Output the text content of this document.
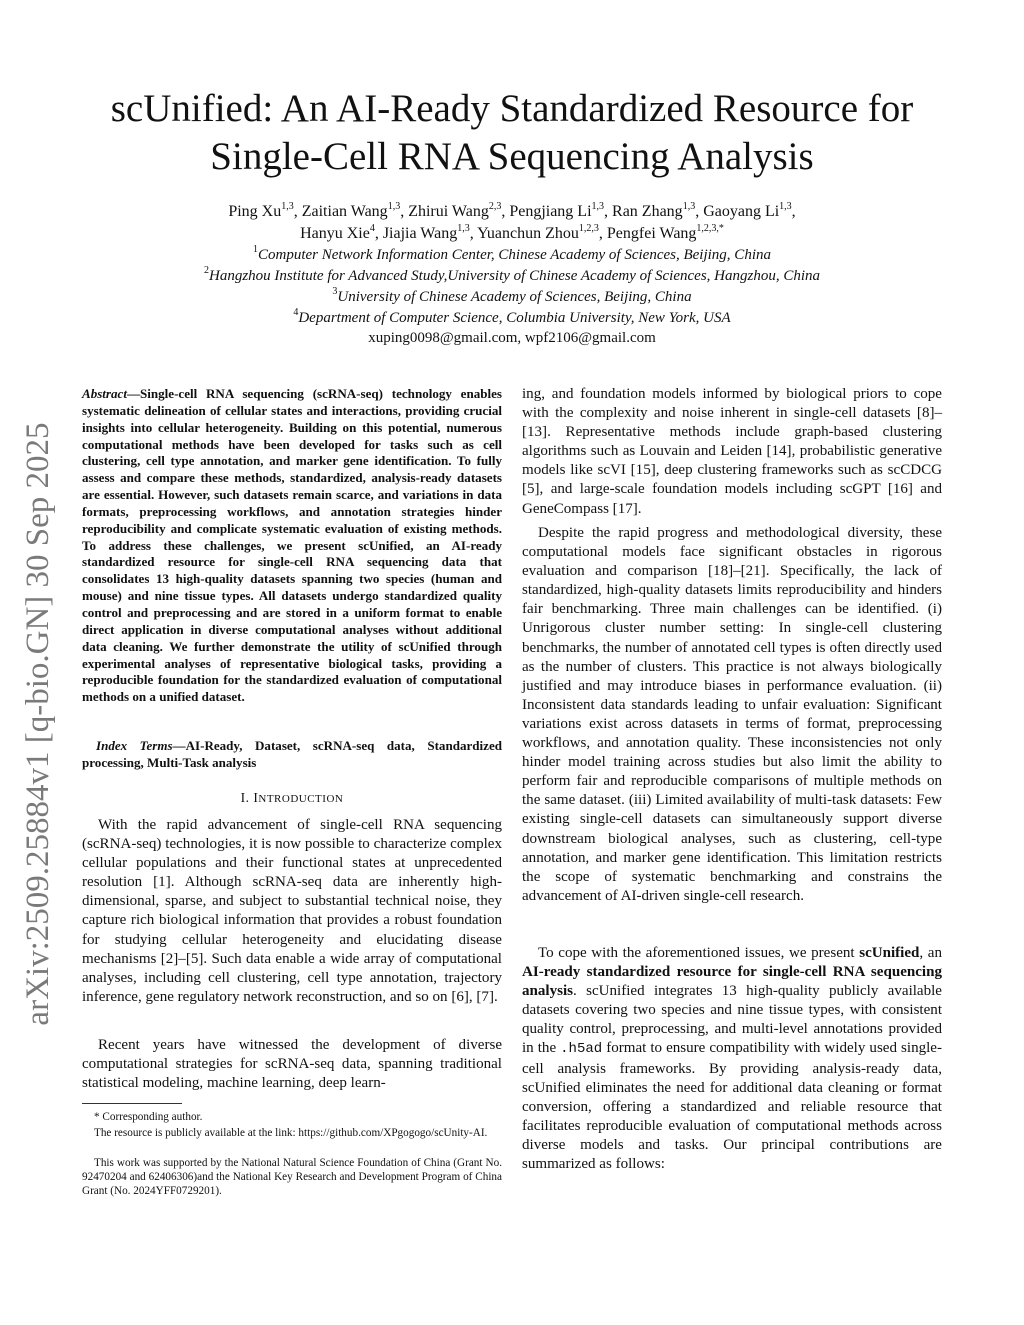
arXiv:2509.25884v1 [q-bio.GN] 30 Sep 2025
scUnified: An AI-Ready Standardized Resource for
Single-Cell RNA Sequencing Analysis
Ping Xu$^{1,3}$, Zaitian Wang$^{1,3}$, Zhirui Wang$^{2,3}$, Pengjiang Li$^{1,3}$, Ran Zhang$^{1,3}$, Gaoyang Li$^{1,3}$,
Hanyu Xie$^4$, Jiajia Wang$^{1,3}$, Yuanchun Zhou$^{1,2,3}$, Pengfei Wang$^{1,2,3,*}$
$^1$Computer Network Information Center, Chinese Academy of Sciences, Beijing, China
$^2$Hangzhou Institute for Advanced Study,University of Chinese Academy of Sciences, Hangzhou, China
$^3$University of Chinese Academy of Sciences, Beijing, China
$^4$Department of Computer Science, Columbia University, New York, USA
xuping0098@gmail.com, wpf2106@gmail.com
Abstract—Single-cell RNA sequencing (scRNA-seq) technology enables systematic delineation of cellular states and interactions, providing crucial insights into cellular heterogeneity. Building on this potential, numerous computational methods have been developed for tasks such as cell clustering, cell type annotation, and marker gene identification. To fully assess and compare these methods, standardized, analysis-ready datasets are essential. However, such datasets remain scarce, and variations in data formats, preprocessing workflows, and annotation strategies hinder reproducibility and complicate systematic evaluation of existing methods. To address these challenges, we present scUnified, an AI-ready standardized resource for single-cell RNA sequencing data that consolidates 13 high-quality datasets spanning two species (human and mouse) and nine tissue types. All datasets undergo standardized quality control and preprocessing and are stored in a uniform format to enable direct application in diverse computational analyses without additional data cleaning. We further demonstrate the utility of scUnified through experimental analyses of representative biological tasks, providing a reproducible foundation for the standardized evaluation of computational methods on a unified dataset.
Index Terms—AI-Ready, Dataset, scRNA-seq data, Standardized processing, Multi-Task analysis
I. INTRODUCTION
With the rapid advancement of single-cell RNA sequencing (scRNA-seq) technologies, it is now possible to characterize complex cellular populations and their functional states at unprecedented resolution [1]. Although scRNA-seq data are inherently high-dimensional, sparse, and subject to substantial technical noise, they capture rich biological information that provides a robust foundation for studying cellular heterogeneity and elucidating disease mechanisms [2]–[5]. Such data enable a wide array of computational analyses, including cell clustering, cell type annotation, trajectory inference, gene regulatory network reconstruction, and so on [6], [7].
Recent years have witnessed the development of diverse computational strategies for scRNA-seq data, spanning traditional statistical modeling, machine learning, deep learn-
* Corresponding author.
The resource is publicly available at the link: https://github.com/XPgogogo/scUnity-AI.
This work was supported by the National Natural Science Foundation of China (Grant No. 92470204 and 62406306)and the National Key Research and Development Program of China Grant (No. 2024YFF0729201).
ing, and foundation models informed by biological priors to cope with the complexity and noise inherent in single-cell datasets [8]–[13]. Representative methods include graph-based clustering algorithms such as Louvain and Leiden [14], probabilistic generative models like scVI [15], deep clustering frameworks such as scCDCG [5], and large-scale foundation models including scGPT [16] and GeneCompass [17].
Despite the rapid progress and methodological diversity, these computational models face significant obstacles in rigorous evaluation and comparison [18]–[21]. Specifically, the lack of standardized, high-quality datasets limits reproducibility and hinders fair benchmarking. Three main challenges can be identified. (i) Unrigorous cluster number setting: In single-cell clustering benchmarks, the number of annotated cell types is often directly used as the number of clusters. This practice is not always biologically justified and may introduce biases in performance evaluation. (ii) Inconsistent data standards leading to unfair evaluation: Significant variations exist across datasets in terms of format, preprocessing workflows, and annotation quality. These inconsistencies not only hinder model training across studies but also limit the ability to perform fair and reproducible comparisons of multiple methods on the same dataset. (iii) Limited availability of multi-task datasets: Few existing single-cell datasets can simultaneously support diverse downstream biological analyses, such as clustering, cell-type annotation, and marker gene identification. This limitation restricts the scope of systematic benchmarking and constrains the advancement of AI-driven single-cell research.
To cope with the aforementioned issues, we present scUnified, an AI-ready standardized resource for single-cell RNA sequencing analysis. scUnified integrates 13 high-quality publicly available datasets covering two species and nine tissue types, with consistent quality control, preprocessing, and multi-level annotations provided in the .h5ad format to ensure compatibility with widely used single-cell analysis frameworks. By providing analysis-ready data, scUnified eliminates the need for additional data cleaning or format conversion, offering a standardized and reliable resource that facilitates reproducible evaluation of computational methods across diverse models and tasks. Our principal contributions are summarized as follows:
